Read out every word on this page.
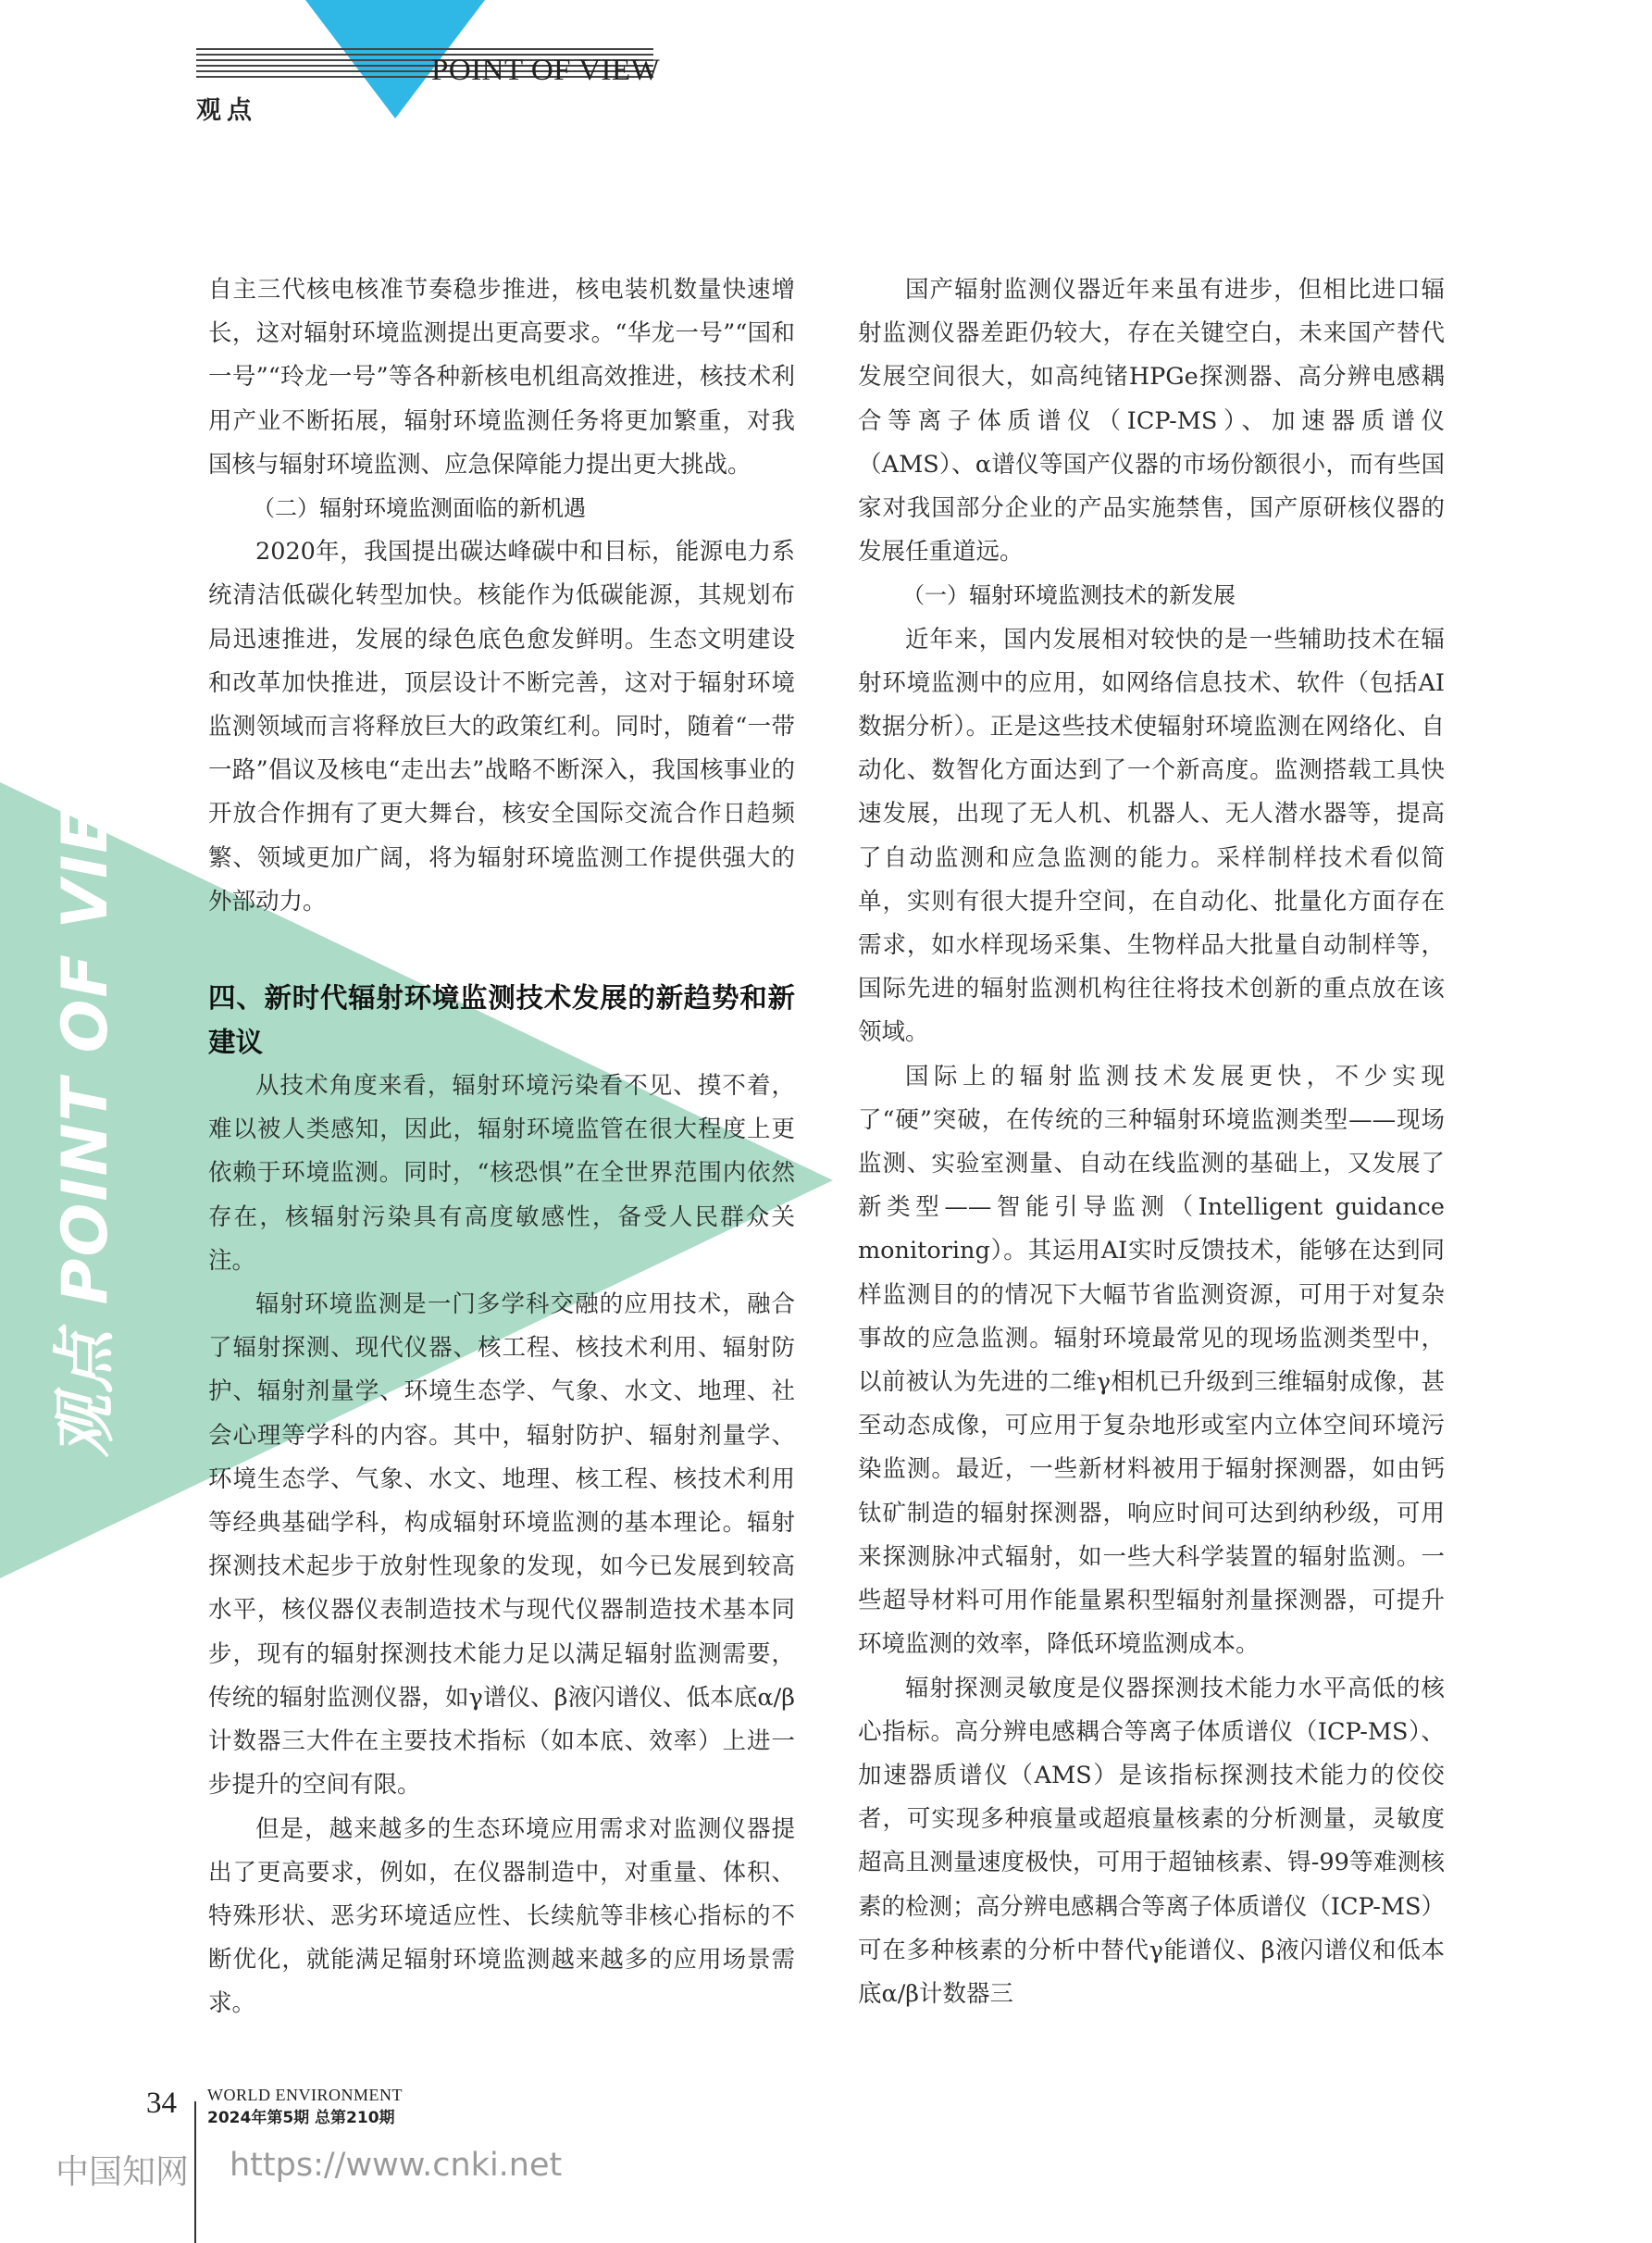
POINT OF VIEW
观点
观点 POINT OF VIEW

自主三代核电核准节奏稳步推进，核电装机数量快速增长，这对辐射环境监测提出更高要求。“华龙一号”“国和一号”“玲龙一号”等各种新核电机组高效推进，核技术利用产业不断拓展，辐射环境监测任务将更加繁重，对我国核与辐射环境监测、应急保障能力提出更大挑战。

（二）辐射环境监测面临的新机遇

2020年，我国提出碳达峰碳中和目标，能源电力系统清洁低碳化转型加快。核能作为低碳能源，其规划布局迅速推进，发展的绿色底色愈发鲜明。生态文明建设和改革加快推进，顶层设计不断完善，这对于辐射环境监测领域而言将释放巨大的政策红利。同时，随着“一带一路”倡议及核电“走出去”战略不断深入，我国核事业的开放合作拥有了更大舞台，核安全国际交流合作日趋频繁、领域更加广阔，将为辐射环境监测工作提供强大的外部动力。

四、新时代辐射环境监测技术发展的新趋势和新建议

从技术角度来看，辐射环境污染看不见、摸不着，难以被人类感知，因此，辐射环境监管在很大程度上更依赖于环境监测。同时，“核恐惧”在全世界范围内依然存在，核辐射污染具有高度敏感性，备受人民群众关注。

辐射环境监测是一门多学科交融的应用技术，融合了辐射探测、现代仪器、核工程、核技术利用、辐射防护、辐射剂量学、环境生态学、气象、水文、地理、社会心理等学科的内容。其中，辐射防护、辐射剂量学、环境生态学、气象、水文、地理、核工程、核技术利用等经典基础学科，构成辐射环境监测的基本理论。辐射探测技术起步于放射性现象的发现，如今已发展到较高水平，核仪器仪表制造技术与现代仪器制造技术基本同步，现有的辐射探测技术能力足以满足辐射监测需要，传统的辐射监测仪器，如γ谱仪、β液闪谱仪、低本底α/β计数器三大件在主要技术指标（如本底、效率）上进一步提升的空间有限。

但是，越来越多的生态环境应用需求对监测仪器提出了更高要求，例如，在仪器制造中，对重量、体积、特殊形状、恶劣环境适应性、长续航等非核心指标的不断优化，就能满足辐射环境监测越来越多的应用场景需求。

国产辐射监测仪器近年来虽有进步，但相比进口辐射监测仪器差距仍较大，存在关键空白，未来国产替代发展空间很大，如高纯锗HPGe探测器、高分辨电感耦合等离子体质谱仪（ICP-MS）、加速器质谱仪（AMS）、α谱仪等国产仪器的市场份额很小，而有些国家对我国部分企业的产品实施禁售，国产原研核仪器的发展任重道远。

（一）辐射环境监测技术的新发展

近年来，国内发展相对较快的是一些辅助技术在辐射环境监测中的应用，如网络信息技术、软件（包括AI数据分析）。正是这些技术使辐射环境监测在网络化、自动化、数智化方面达到了一个新高度。监测搭载工具快速发展，出现了无人机、机器人、无人潜水器等，提高了自动监测和应急监测的能力。采样制样技术看似简单，实则有很大提升空间，在自动化、批量化方面存在需求，如水样现场采集、生物样品大批量自动制样等，国际先进的辐射监测机构往往将技术创新的重点放在该领域。

国际上的辐射监测技术发展更快，不少实现了“硬”突破，在传统的三种辐射环境监测类型——现场监测、实验室测量、自动在线监测的基础上，又发展了新类型——智能引导监测（Intelligent guidance monitoring）。其运用AI实时反馈技术，能够在达到同样监测目的的情况下大幅节省监测资源，可用于对复杂事故的应急监测。辐射环境最常见的现场监测类型中，以前被认为先进的二维γ相机已升级到三维辐射成像，甚至动态成像，可应用于复杂地形或室内立体空间环境污染监测。最近，一些新材料被用于辐射探测器，如由钙钛矿制造的辐射探测器，响应时间可达到纳秒级，可用来探测脉冲式辐射，如一些大科学装置的辐射监测。一些超导材料可用作能量累积型辐射剂量探测器，可提升环境监测的效率，降低环境监测成本。

辐射探测灵敏度是仪器探测技术能力水平高低的核心指标。高分辨电感耦合等离子体质谱仪（ICP-MS）、加速器质谱仪（AMS）是该指标探测技术能力的佼佼者，可实现多种痕量或超痕量核素的分析测量，灵敏度超高且测量速度极快，可用于超铀核素、锝-99等难测核素的检测；高分辨电感耦合等离子体质谱仪（ICP-MS）可在多种核素的分析中替代γ能谱仪、β液闪谱仪和低本底α/β计数器三

34 WORLD ENVIRONMENT
2024年第5期 总第210期
中国知网 https://www.cnki.net
